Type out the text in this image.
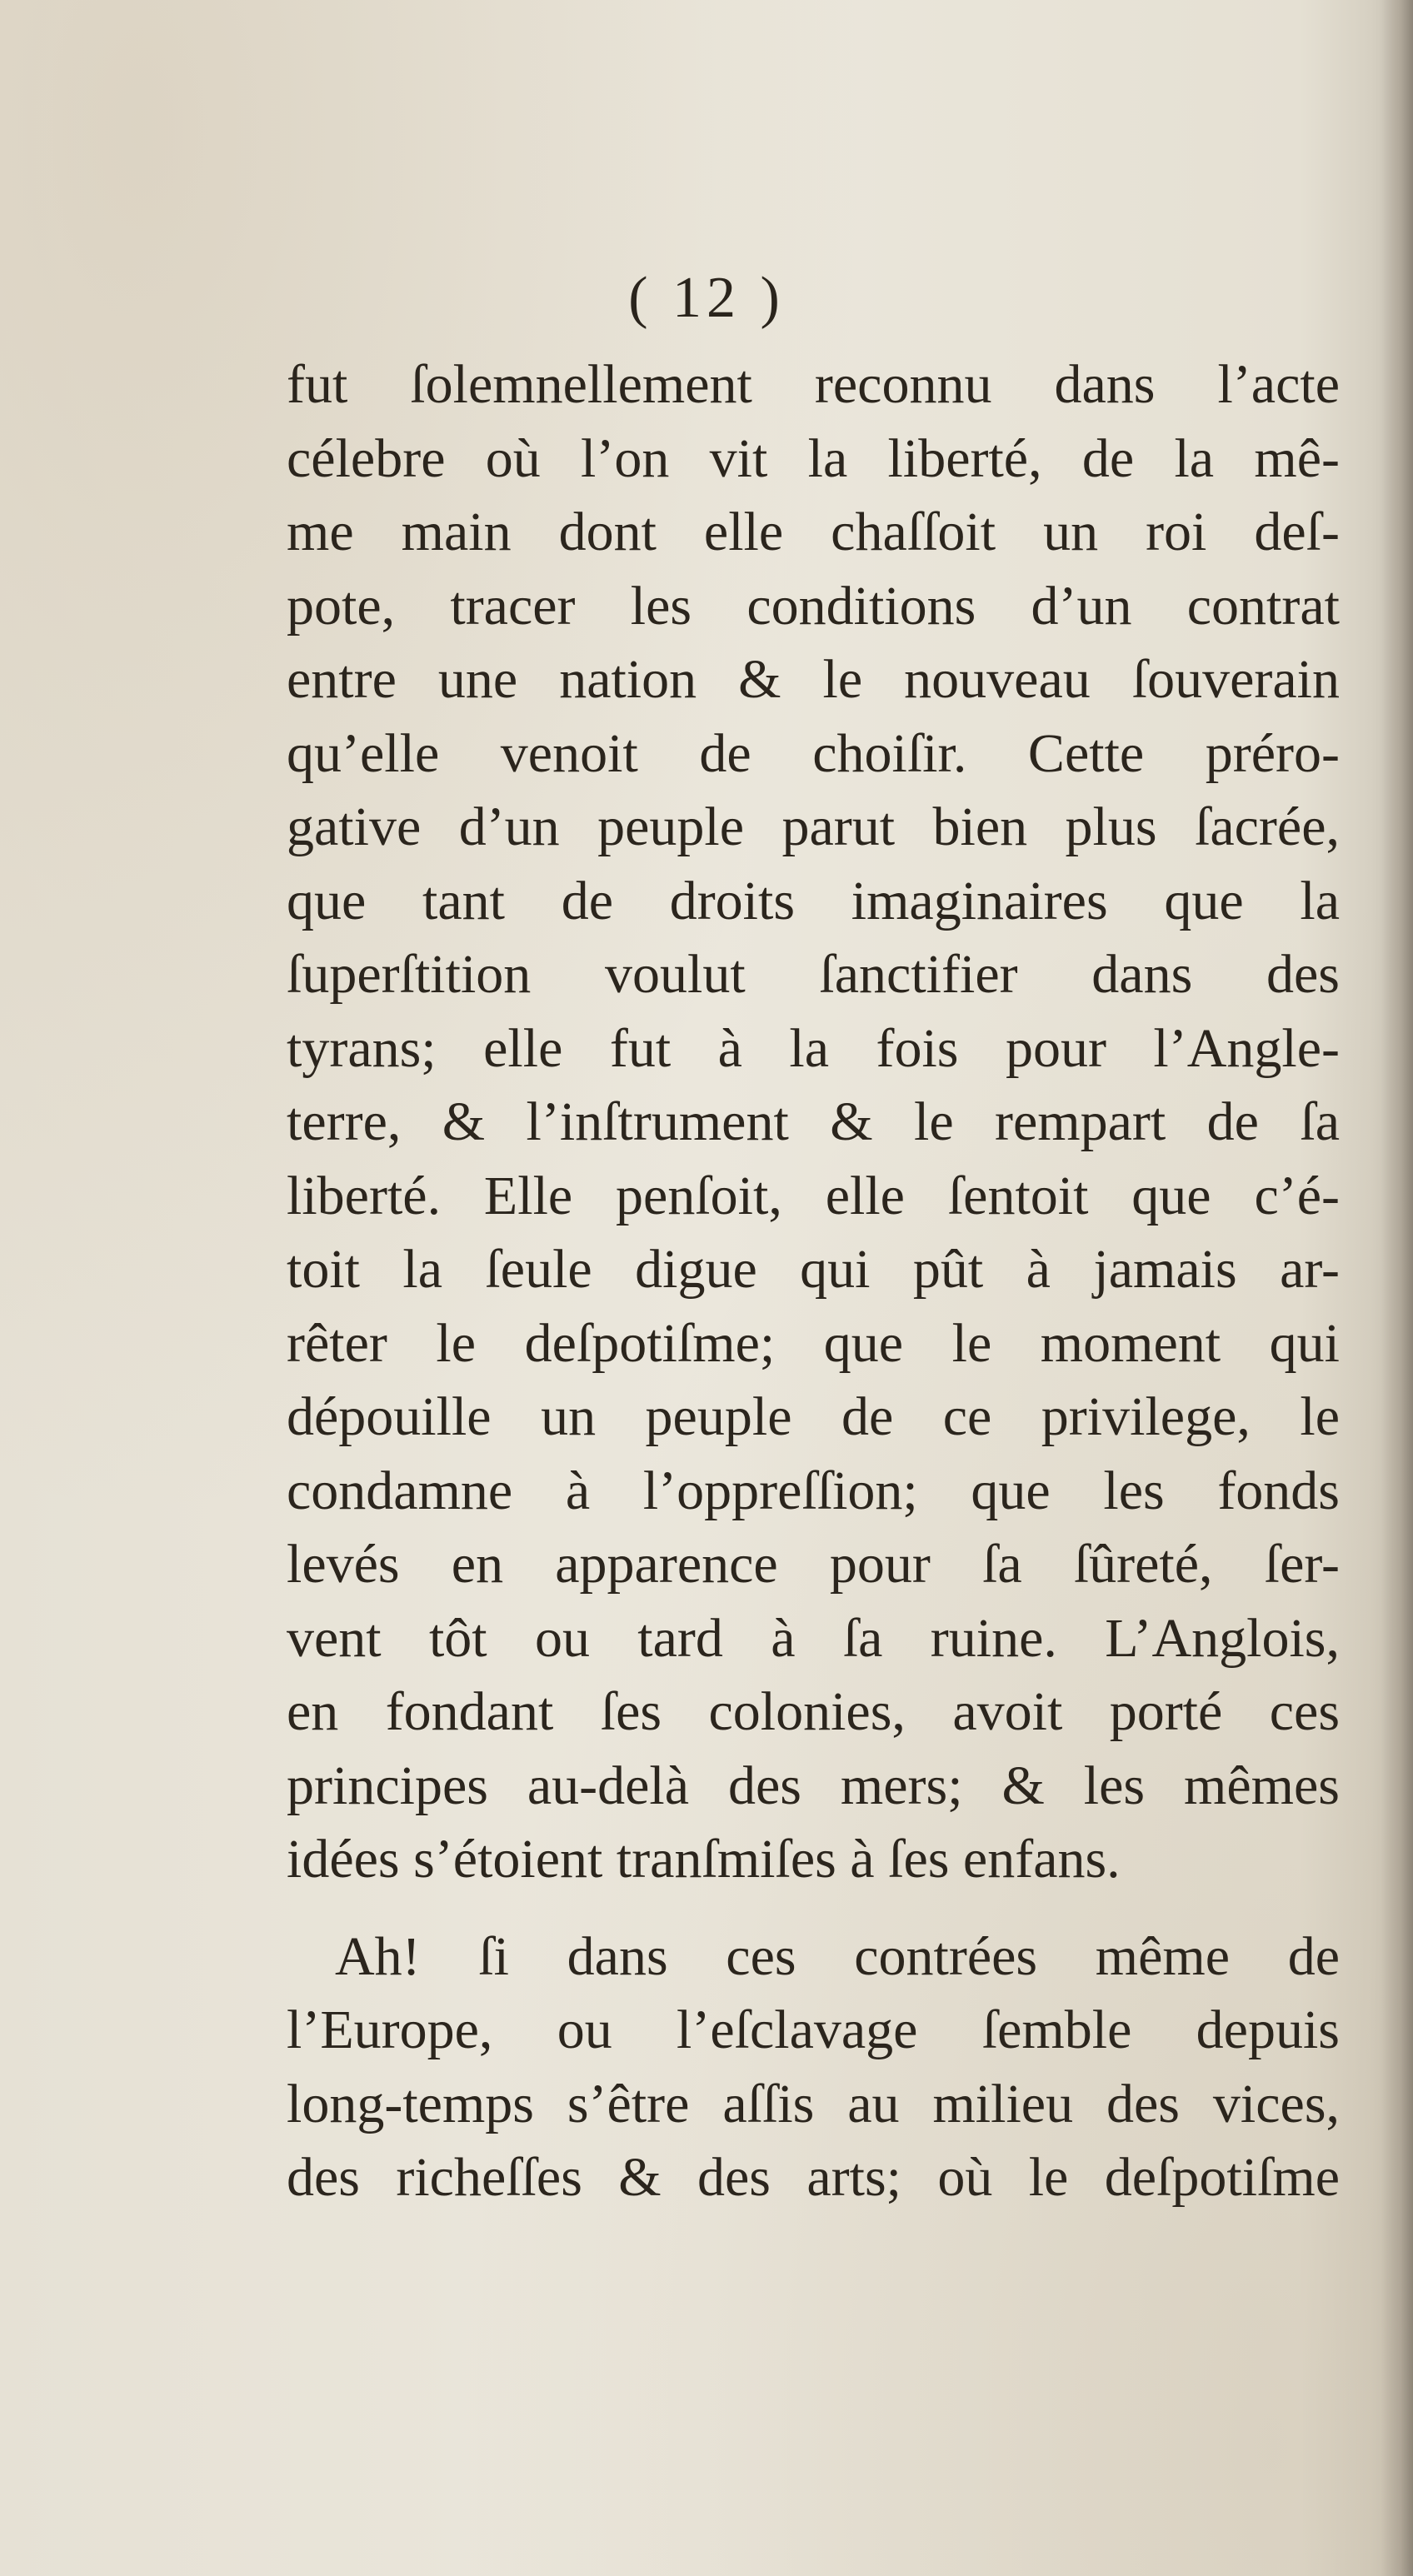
( 12 )
fut ſolemnellement reconnu dans l’acte
célebre où l’on vit la liberté, de la mê-
me main dont elle chaſſoit un roi deſ-
pote, tracer les conditions d’un contrat
entre une nation & le nouveau ſouverain
qu’elle venoit de choiſir. Cette préro-
gative d’un peuple parut bien plus ſacrée,
que tant de droits imaginaires que la
ſuperſtition voulut ſanctifier dans des
tyrans; elle fut à la fois pour l’Angle-
terre, & l’inſtrument & le rempart de ſa
liberté. Elle penſoit, elle ſentoit que c’é-
toit la ſeule digue qui pût à jamais ar-
rêter le deſpotiſme; que le moment qui
dépouille un peuple de ce privilege, le
condamne à l’oppreſſion; que les fonds
levés en apparence pour ſa ſûreté, ſer-
vent tôt ou tard à ſa ruine. L’Anglois,
en fondant ſes colonies, avoit porté ces
principes au-delà des mers; & les mêmes
idées s’étoient tranſmiſes à ſes enfans.
Ah! ſi dans ces contrées même de
l’Europe, ou l’eſclavage ſemble depuis
long-temps s’être aſſis au milieu des vices,
des richeſſes & des arts; où le deſpotiſme
